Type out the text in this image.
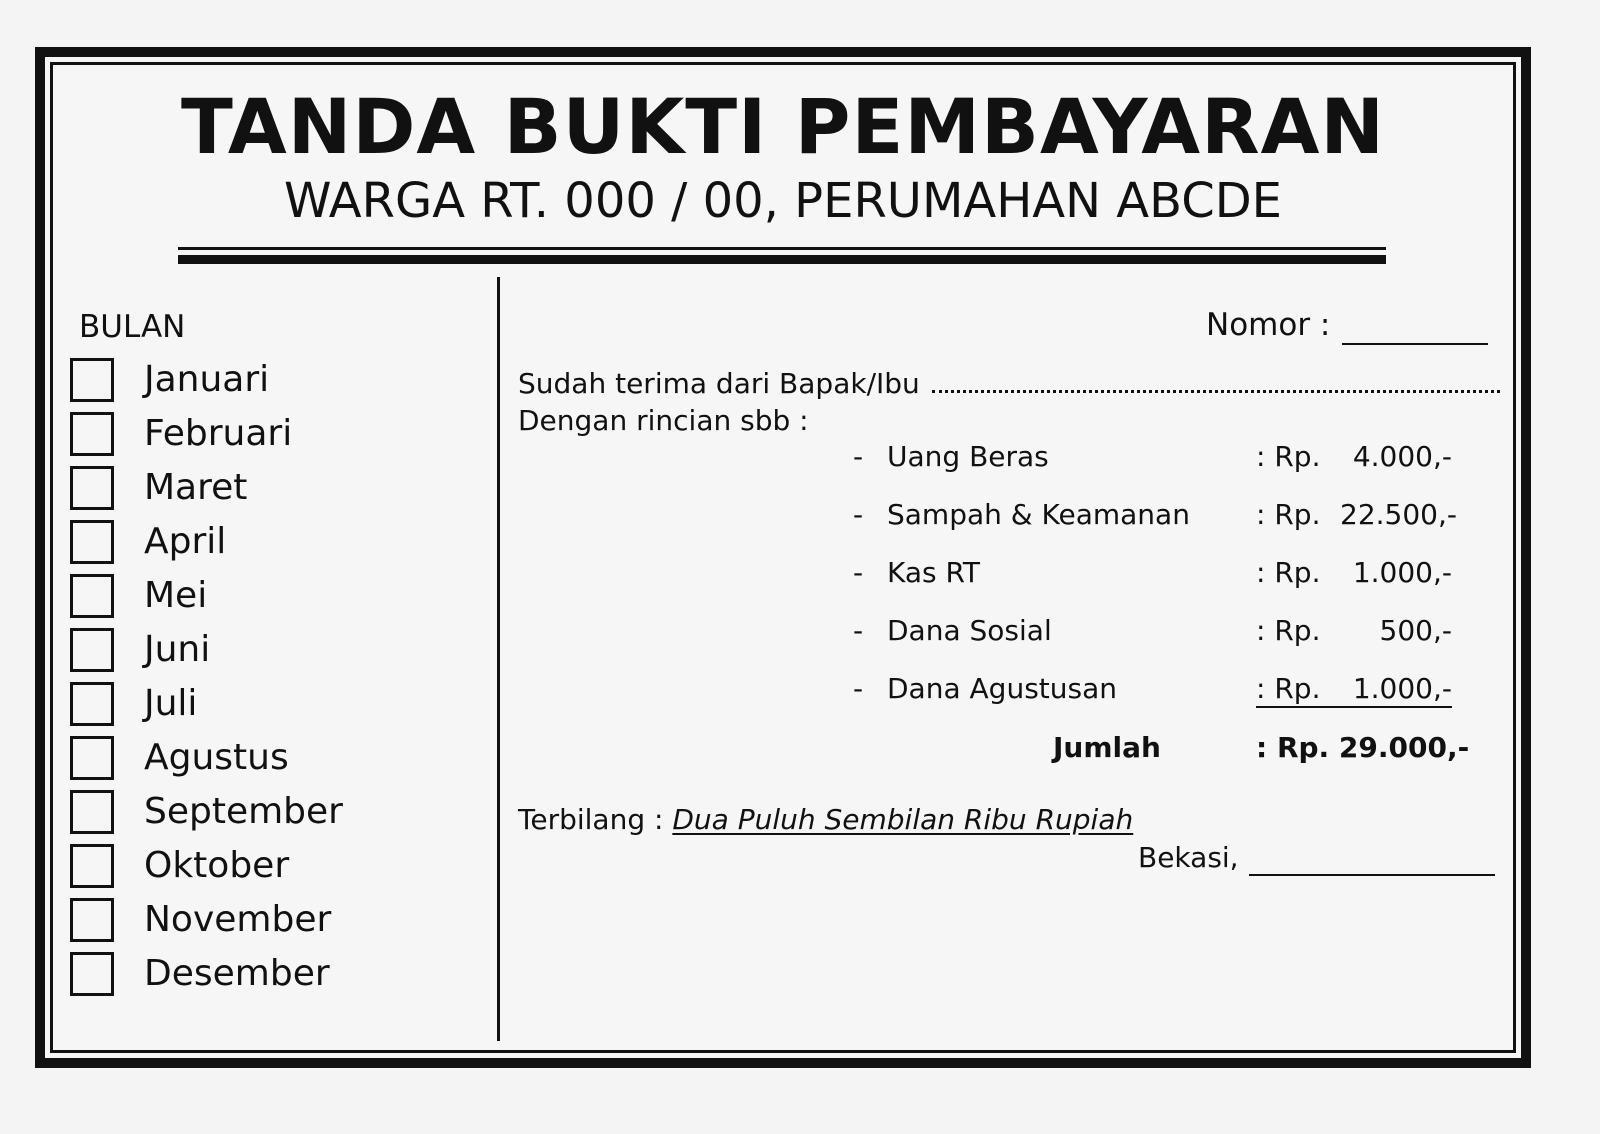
TANDA BUKTI PEMBAYARAN
WARGA RT. 000 / 00, PERUMAHAN ABCDE
BULAN
Januari
Februari
Maret
April
Mei
Juni
Juli
Agustus
September
Oktober
November
Desember
Nomor :
Sudah terima dari Bapak/Ibu
Dengan rincian sbb :
- Uang Beras	: Rp.	4.000,-
- Sampah & Keamanan : Rp. 22.500,-
- Kas RT	: Rp.	1.000,-
- Dana Sosial	: Rp.	500,-
- Dana Agustusan	: Rp.	1.000,-
Jumlah	: Rp. 29.000,-
Terbilang : Dua Puluh Sembilan Ribu Rupiah
Bekasi,
